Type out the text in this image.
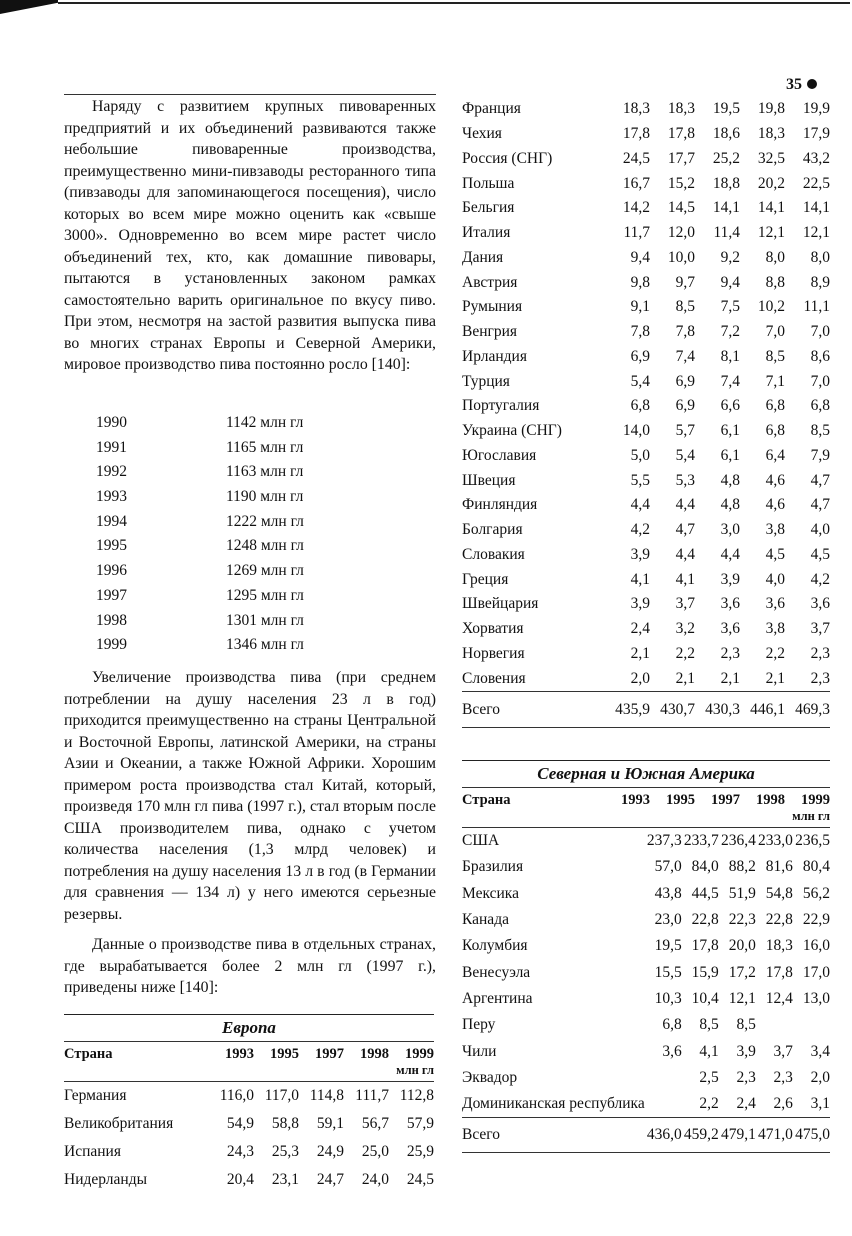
35

Наряду с развитием крупных пивоваренных предприятий и их объединений развиваются также небольшие пивоваренные производства, преимущественно мини-пивзаводы ресторанного типа (пивзаводы для запоминающегося посещения), число которых во всем мире можно оценить как «свыше 3000». Одновременно во всем мире растет число объединений тех, кто, как домашние пивовары, пытаются в установленных законом рамках самостоятельно варить оригинальное по вкусу пиво. При этом, несмотря на застой развития выпуска пива во многих странах Европы и Северной Америки, мировое производство пива постоянно росло [140]:

1990	1142 млн гл
1991	1165 млн гл
1992	1163 млн гл
1993	1190 млн гл
1994	1222 млн гл
1995	1248 млн гл
1996	1269 млн гл
1997	1295 млн гл
1998	1301 млн гл
1999	1346 млн гл

Увеличение производства пива (при среднем потреблении на душу населения 23 л в год) приходится преимущественно на страны Центральной и Восточной Европы, латинской Америки, на страны Азии и Океании, а также Южной Африки. Хорошим примером роста производства стал Китай, который, произведя 170 млн гл пива (1997 г.), стал вторым после США производителем пива, однако с учетом количества населения (1,3 млрд человек) и потребления на душу населения 13 л в год (в Германии для сравнения — 134 л) у него имеются серьезные резервы.

Данные о производстве пива в отдельных странах, где вырабатывается более 2 млн гл (1997 г.), приведены ниже [140]:

Европа
Страна	1993	1995	1997	1998	1999
млн гл
Германия	116,0	117,0	114,8	111,7	112,8
Великобритания	54,9	58,8	59,1	56,7	57,9
Испания	24,3	25,3	24,9	25,0	25,9
Нидерланды	20,4	23,1	24,7	24,0	24,5
Франция	18,3	18,3	19,5	19,8	19,9
Чехия	17,8	17,8	18,6	18,3	17,9
Россия (СНГ)	24,5	17,7	25,2	32,5	43,2
Польша	16,7	15,2	18,8	20,2	22,5
Бельгия	14,2	14,5	14,1	14,1	14,1
Италия	11,7	12,0	11,4	12,1	12,1
Дания	9,4	10,0	9,2	8,0	8,0
Австрия	9,8	9,7	9,4	8,8	8,9
Румыния	9,1	8,5	7,5	10,2	11,1
Венгрия	7,8	7,8	7,2	7,0	7,0
Ирландия	6,9	7,4	8,1	8,5	8,6
Турция	5,4	6,9	7,4	7,1	7,0
Португалия	6,8	6,9	6,6	6,8	6,8
Украина (СНГ)	14,0	5,7	6,1	6,8	8,5
Югославия	5,0	5,4	6,1	6,4	7,9
Швеция	5,5	5,3	4,8	4,6	4,7
Финляндия	4,4	4,4	4,8	4,6	4,7
Болгария	4,2	4,7	3,0	3,8	4,0
Словакия	3,9	4,4	4,4	4,5	4,5
Греция	4,1	4,1	3,9	4,0	4,2
Швейцария	3,9	3,7	3,6	3,6	3,6
Хорватия	2,4	3,2	3,6	3,8	3,7
Норвегия	2,1	2,2	2,3	2,2	2,3
Словения	2,0	2,1	2,1	2,1	2,3
Всего	435,9	430,7	430,3	446,1	469,3
Северная и Южная Америка
Страна	1993	1995	1997	1998	1999
млн гл
США	237,3	233,7	236,4	233,0	236,5
Бразилия	57,0	84,0	88,2	81,6	80,4
Мексика	43,8	44,5	51,9	54,8	56,2
Канада	23,0	22,8	22,3	22,8	22,9
Колумбия	19,5	17,8	20,0	18,3	16,0
Венесуэла	15,5	15,9	17,2	17,8	17,0
Аргентина	10,3	10,4	12,1	12,4	13,0
Перу	6,8	8,5	8,5		
Чили	3,6	4,1	3,9	3,7	3,4
Эквадор		2,5	2,3	2,3	2,0
Доминиканская республика		2,2	2,4	2,6	3,1
Всего	436,0	459,2	479,1	471,0	475,0
